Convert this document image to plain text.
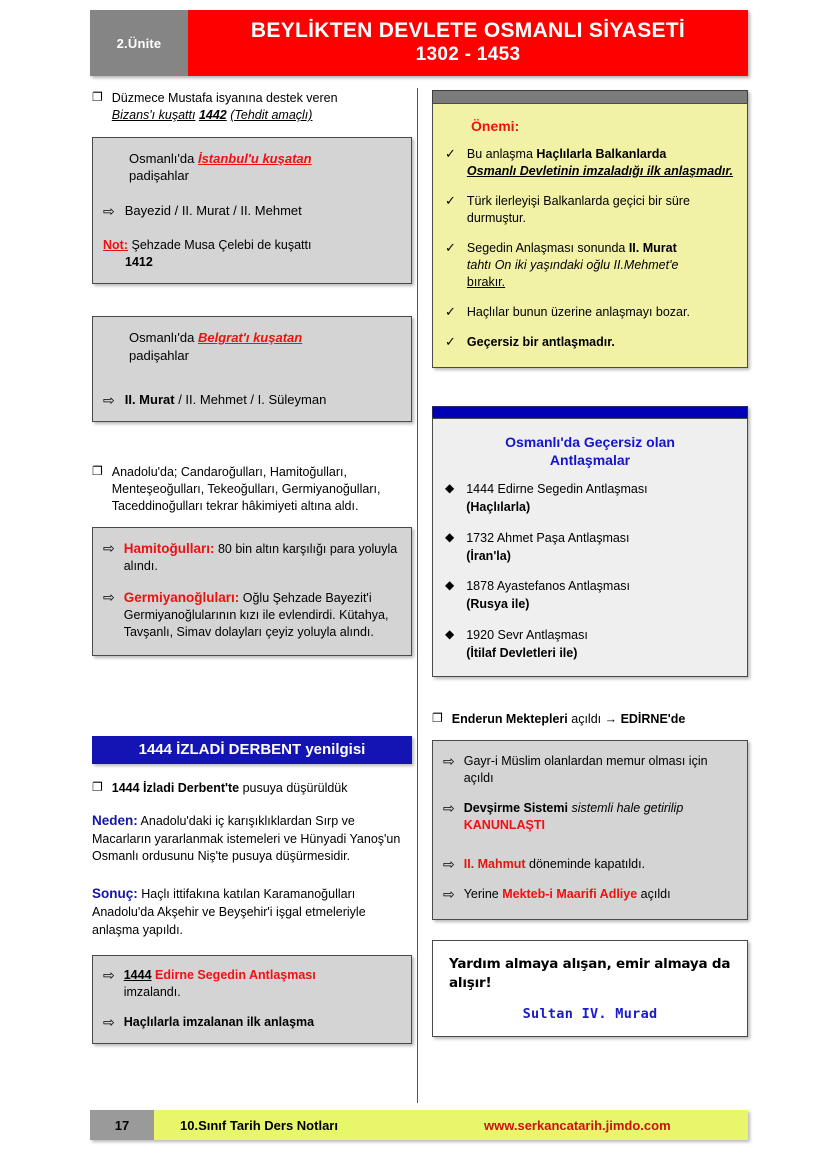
2.Ünite
BEYLİKTEN DEVLETE OSMANLI SİYASETİ
1302 - 1453
❐ Düzmece Mustafa isyanına destek veren
Bizans'ı kuşattı 1442 (Tehdit amaçlı)
Osmanlı'da İstanbul'u kuşatan
padişahlar
⇨ Bayezid / II. Murat / II. Mehmet
Not: Şehzade Musa Çelebi de kuşattı
1412
Osmanlı'da Belgrat'ı kuşatan
padişahlar
⇨ II. Murat / II. Mehmet / I. Süleyman
❐ Anadolu'da; Candaroğulları, Hamitoğulları, Menteşeoğulları, Tekeoğulları, Germiyanoğulları, Taceddinoğulları tekrar hâkimiyeti altına aldı.
⇨ Hamitoğulları: 80 bin altın karşılığı para yoluyla alındı.
⇨ Germiyanoğluları: Oğlu Şehzade Bayezit'i Germiyanoğlularının kızı ile evlendirdi. Kütahya, Tavşanlı, Simav dolayları çeyiz yoluyla alındı.
1444 İZLADİ DERBENT yenilgisi
❐ 1444 İzladi Derbent'te pusuya düşürüldük
Neden: Anadolu'daki iç karışıklıklardan Sırp ve Macarların yararlanmak istemeleri ve Hünyadi Yanoş'un Osmanlı ordusunu Niş'te pusuya düşürmesidir.
Sonuç: Haçlı ittifakına katılan Karamanoğulları Anadolu'da Akşehir ve Beyşehir'i işgal etmeleriyle anlaşma yapıldı.
⇨ 1444 Edirne Segedin Antlaşması
imzalandı.
⇨ Haçlılarla imzalanan ilk anlaşma
Önemi:
✓ Bu anlaşma Haçlılarla Balkanlarda
Osmanlı Devletinin imzaladığı ilk anlaşmadır.
✓ Türk ilerleyişi Balkanlarda geçici bir süre durmuştur.
✓ Segedin Anlaşması sonunda II. Murat
tahtı On iki yaşındaki oğlu II.Mehmet'e
bırakır.
✓ Haçlılar bunun üzerine anlaşmayı bozar.
✓ Geçersiz bir antlaşmadır.
Osmanlı'da Geçersiz olan
Antlaşmalar
◆ 1444 Edirne Segedin Antlaşması
(Haçlılarla)
◆ 1732 Ahmet Paşa Antlaşması
(İran'la)
◆ 1878 Ayastefanos Antlaşması
(Rusya ile)
◆ 1920 Sevr Antlaşması
(İtilaf Devletleri ile)
❐ Enderun Mektepleri açıldı → EDİRNE'de
⇨ Gayr-i Müslim olanlardan memur olması için açıldı
⇨ Devşirme Sistemi sistemli hale getirilip
KANUNLAŞTI
⇨ II. Mahmut döneminde kapatıldı.
⇨ Yerine Mekteb-i Maarifi Adliye açıldı
Yardım almaya alışan, emir almaya da alışır!
Sultan IV. Murad
17	10.Sınıf Tarih Ders Notları	www.serkancatarih.jimdo.com
